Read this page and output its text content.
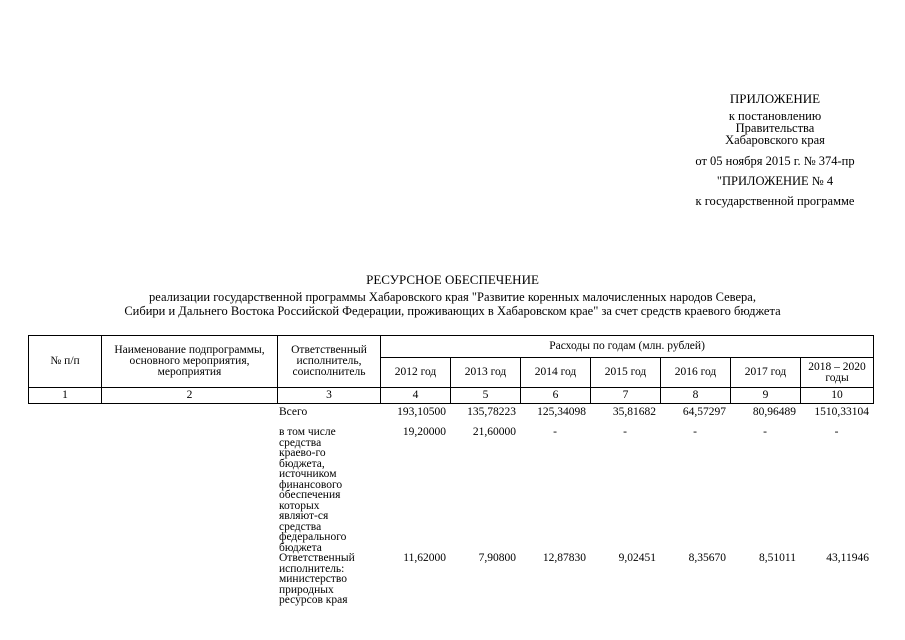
ПРИЛОЖЕНИЕ
к постановлению
Правительства
Хабаровского края
от 05 ноября 2015 г. № 374-пр
"ПРИЛОЖЕНИЕ № 4
к государственной программе
РЕСУРСНОЕ ОБЕСПЕЧЕНИЕ
реализации государственной программы Хабаровского края "Развитие коренных малочисленных народов Севера,
Сибири и Дальнего Востока Российской Федерации, проживающих в Хабаровском крае" за счет средств краевого бюджета
№ п/п	Наименование подпрограммы, основного мероприятия, мероприятия	Ответственный исполнитель, соисполнитель	Расходы по годам (млн. рублей)						
			2012 год	2013 год	2014 год	2015 год	2016 год	2017 год	2018 – 2020 годы
1	2	3	4	5	6	7	8	9	10
		Всего	193,10500	135,78223	125,34098	35,81682	64,57297	80,96489	1510,33104
		в том числе средства краево-го бюджета, источником финансового обеспечения которых являют-ся средства федерального бюджета	19,20000	21,60000	-	-	-	-	-
		Ответственный исполнитель: министерство природных ресурсов края	11,62000	7,90800	12,87830	9,02451	8,35670	8,51011	43,11946
